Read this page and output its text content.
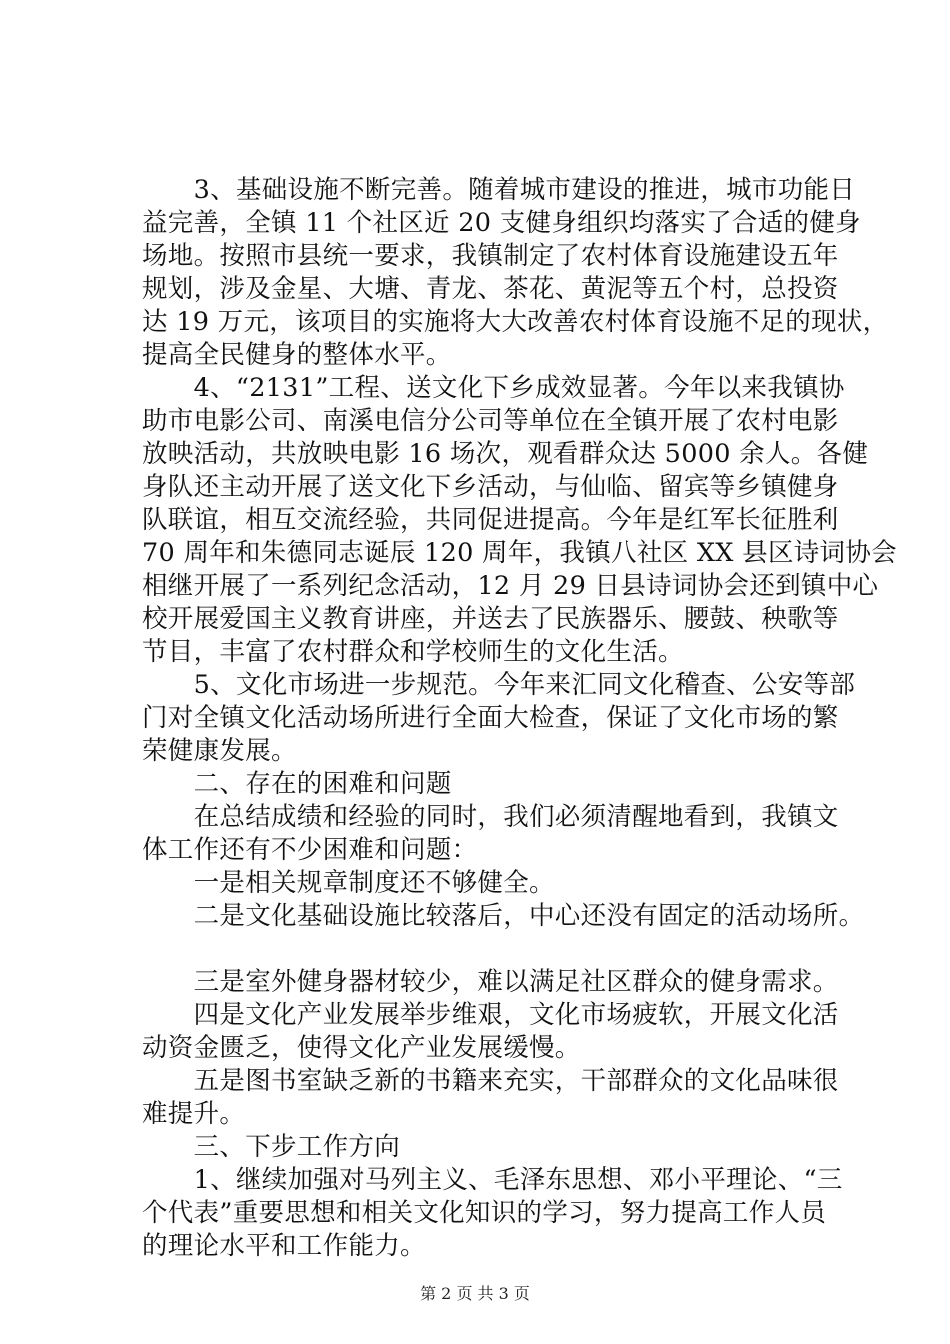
　　3、基础设施不断完善。随着城市建设的推进，城市功能日
益完善，全镇 11 个社区近 20 支健身组织均落实了合适的健身
场地。按照市县统一要求，我镇制定了农村体育设施建设五年
规划，涉及金星、大塘、青龙、茶花、黄泥等五个村，总投资
达 19 万元，该项目的实施将大大改善农村体育设施不足的现状，
提高全民健身的整体水平。
　　4、“2131”工程、送文化下乡成效显著。今年以来我镇协
助市电影公司、南溪电信分公司等单位在全镇开展了农村电影
放映活动，共放映电影 16 场次，观看群众达 5000 余人。各健
身队还主动开展了送文化下乡活动，与仙临、留宾等乡镇健身
队联谊，相互交流经验，共同促进提高。今年是红军长征胜利
70 周年和朱德同志诞辰 120 周年，我镇八社区 XX 县区诗词协会
相继开展了一系列纪念活动，12 月 29 日县诗词协会还到镇中心
校开展爱国主义教育讲座，并送去了民族器乐、腰鼓、秧歌等
节目，丰富了农村群众和学校师生的文化生活。
　　5、文化市场进一步规范。今年来汇同文化稽查、公安等部
门对全镇文化活动场所进行全面大检查，保证了文化市场的繁
荣健康发展。
　　二、存在的困难和问题
　　在总结成绩和经验的同时，我们必须清醒地看到，我镇文
体工作还有不少困难和问题：
　　一是相关规章制度还不够健全。
　　二是文化基础设施比较落后，中心还没有固定的活动场所。
　　三是室外健身器材较少，难以满足社区群众的健身需求。
　　四是文化产业发展举步维艰，文化市场疲软，开展文化活
动资金匮乏，使得文化产业发展缓慢。
　　五是图书室缺乏新的书籍来充实，干部群众的文化品味很
难提升。
　　三、下步工作方向
　　1、继续加强对马列主义、毛泽东思想、邓小平理论、“三
个代表”重要思想和相关文化知识的学习，努力提高工作人员
的理论水平和工作能力。
第 2 页 共 3 页
